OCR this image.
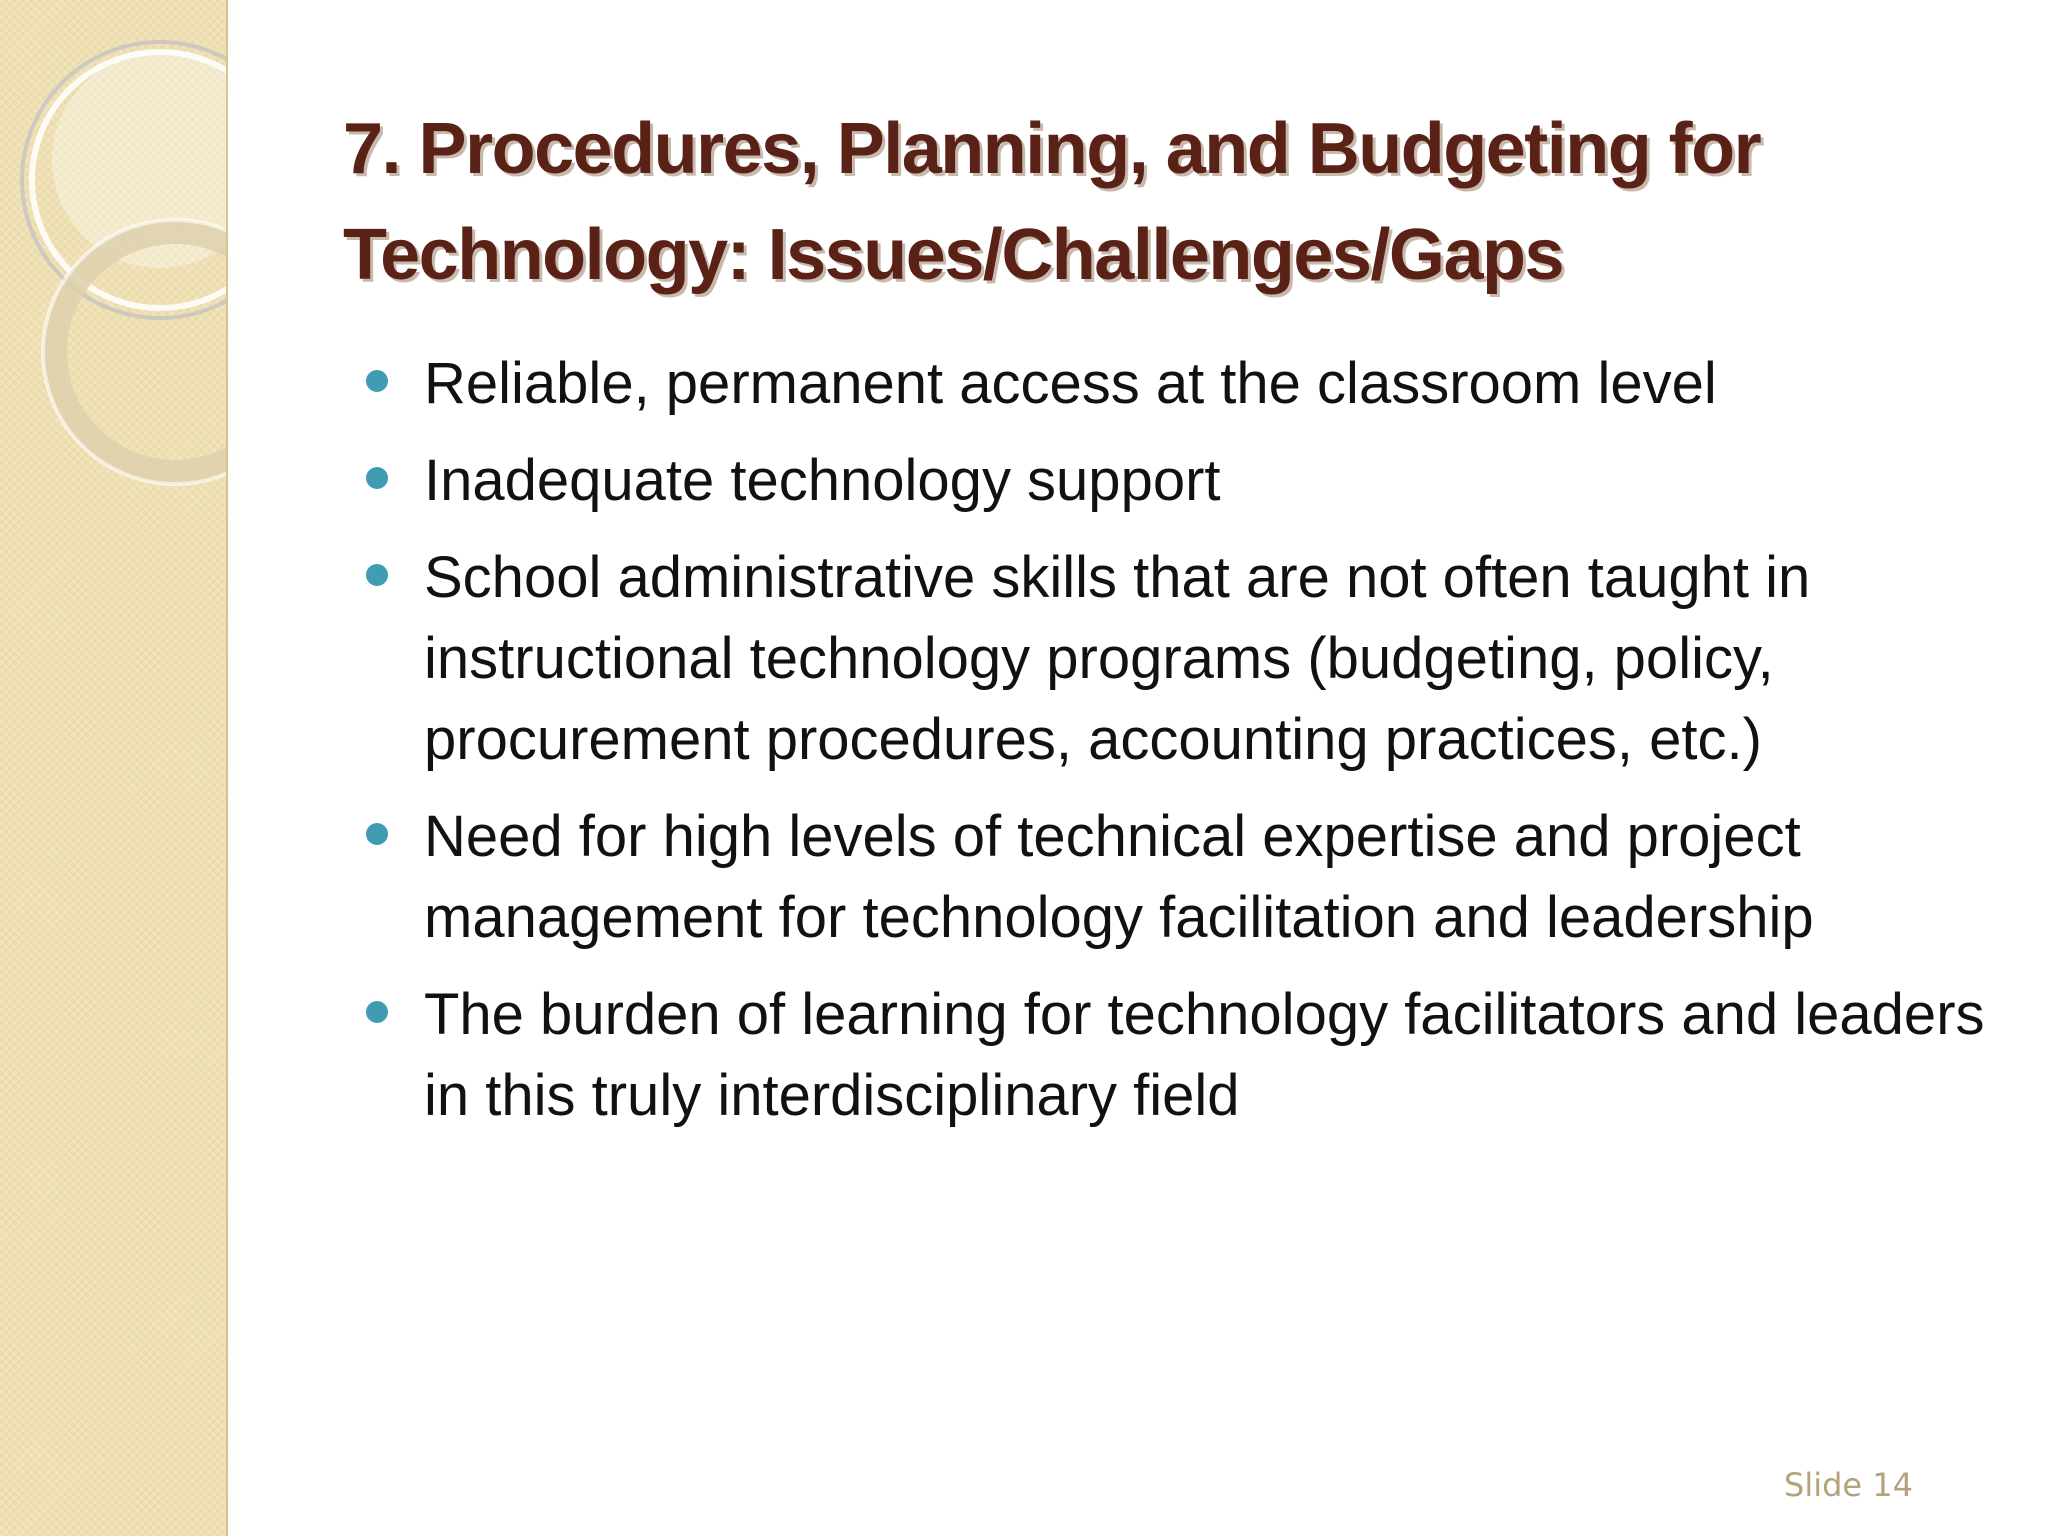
7. Procedures, Planning, and Budgeting for Technology: Issues/Challenges/Gaps
Reliable, permanent access at the classroom level
Inadequate technology support
School administrative skills that are not often taught in instructional technology programs (budgeting, policy, procurement procedures, accounting practices, etc.)
Need for high levels of technical expertise and project management for technology facilitation and leadership
The burden of learning for technology facilitators and leaders in this truly interdisciplinary field
Slide 14
